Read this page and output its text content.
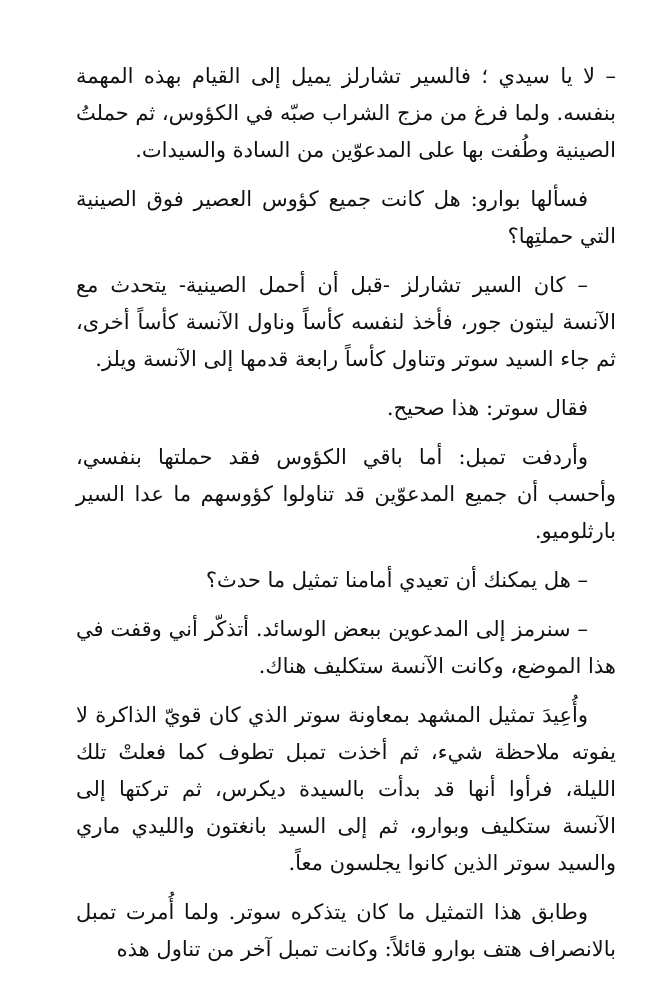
– لا يا سيدي ؛ فالسير تشارلز يميل إلى القيام بهذه المهمة بنفسه. ولما فرغ من مزج الشراب صبّه في الكؤوس، ثم حملتُ الصينية وطُفت بها على المدعوّين من السادة والسيدات.

فسألها بوارو: هل كانت جميع كؤوس العصير فوق الصينية التي حملتِها؟

– كان السير تشارلز -قبل أن أحمل الصينية- يتحدث مع الآنسة ليتون جور، فأخذ لنفسه كأساً وناول الآنسة كأساً أخرى، ثم جاء السيد سوتر وتناول كأساً رابعة قدمها إلى الآنسة ويلز.

فقال سوتر: هذا صحيح.

وأردفت تمبل: أما باقي الكؤوس فقد حملتها بنفسي، وأحسب أن جميع المدعوّين قد تناولوا كؤوسهم ما عدا السير بارثلوميو.

– هل يمكنك أن تعيدي أمامنا تمثيل ما حدث؟

– سنرمز إلى المدعوين ببعض الوسائد. أتذكّر أني وقفت في هذا الموضع، وكانت الآنسة ستكليف هناك.

وأُعِيدَ تمثيل المشهد بمعاونة سوتر الذي كان قويّ الذاكرة لا يفوته ملاحظة شيء، ثم أخذت تمبل تطوف كما فعلتْ تلك الليلة، فرأوا أنها قد بدأت بالسيدة ديكرس، ثم تركتها إلى الآنسة ستكليف وبوارو، ثم إلى السيد بانغتون والليدي ماري والسيد سوتر الذين كانوا يجلسون معاً.

وطابق هذا التمثيل ما كان يتذكره سوتر. ولما أُمرت تمبل بالانصراف هتف بوارو قائلاً: وكانت تمبل آخر من تناول هذه
